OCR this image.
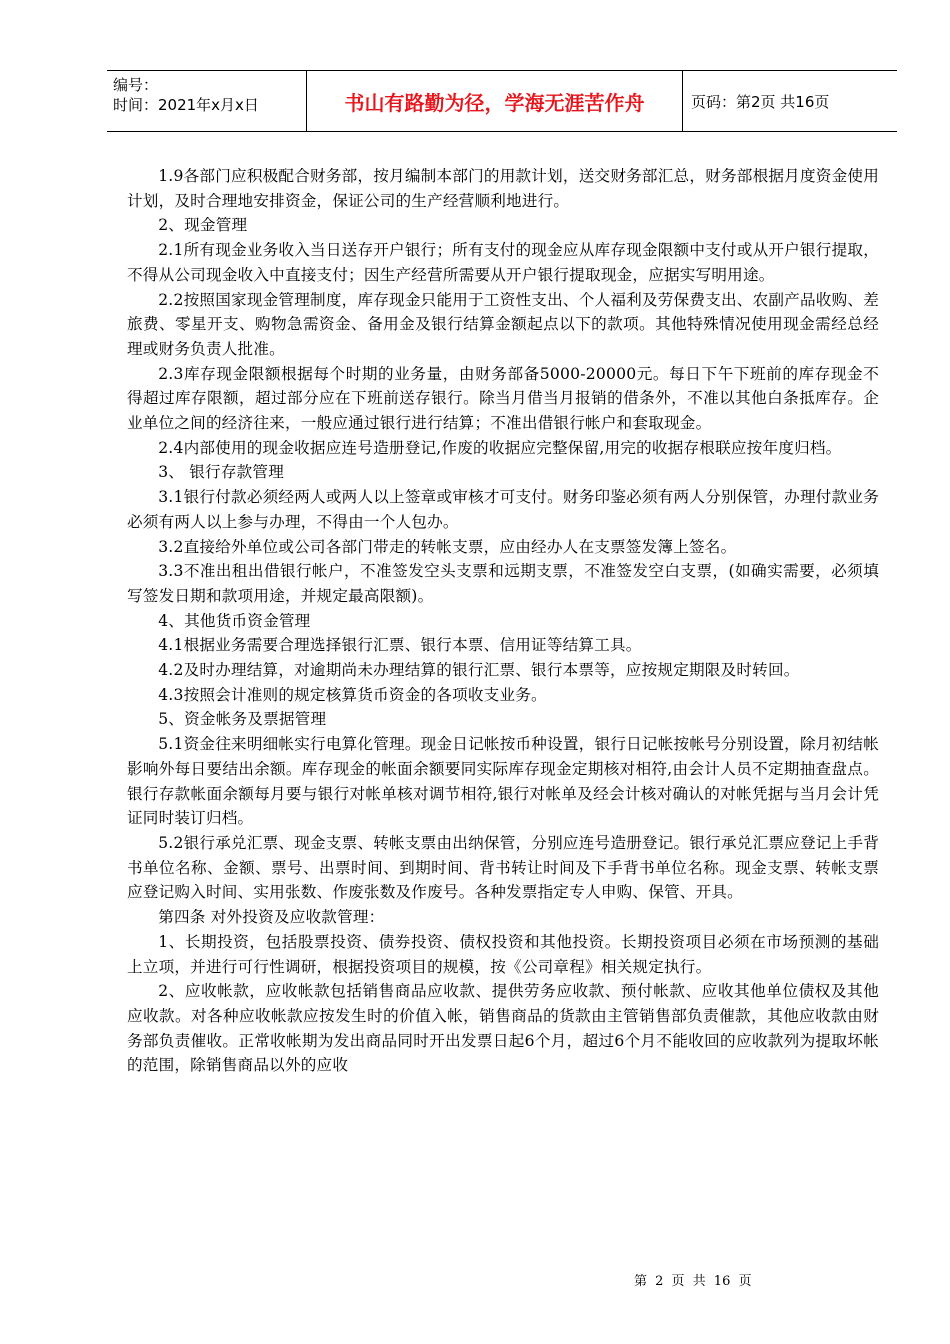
编号：
时间：2021年x月x日	书山有路勤为径，学海无涯苦作舟	页码：第2页 共16页

1.9各部门应积极配合财务部，按月编制本部门的用款计划，送交财务部汇总，财务部根据月度资金使用计划，及时合理地安排资金，保证公司的生产经营顺利地进行。

2、现金管理

2.1所有现金业务收入当日送存开户银行；所有支付的现金应从库存现金限额中支付或从开户银行提取，不得从公司现金收入中直接支付；因生产经营所需要从开户银行提取现金，应据实写明用途。

2.2按照国家现金管理制度，库存现金只能用于工资性支出、个人福利及劳保费支出、农副产品收购、差旅费、零星开支、购物急需资金、备用金及银行结算金额起点以下的款项。其他特殊情况使用现金需经总经理或财务负责人批准。

2.3库存现金限额根据每个时期的业务量，由财务部备5000-20000元。每日下午下班前的库存现金不得超过库存限额，超过部分应在下班前送存银行。除当月借当月报销的借条外，不准以其他白条抵库存。企业单位之间的经济往来，一般应通过银行进行结算；不准出借银行帐户和套取现金。

2.4内部使用的现金收据应连号造册登记,作废的收据应完整保留,用完的收据存根联应按年度归档。

3、 银行存款管理

3.1银行付款必须经两人或两人以上签章或审核才可支付。财务印鉴必须有两人分别保管，办理付款业务必须有两人以上参与办理，不得由一个人包办。

3.2直接给外单位或公司各部门带走的转帐支票，应由经办人在支票签发簿上签名。

3.3不准出租出借银行帐户，不准签发空头支票和远期支票，不准签发空白支票，(如确实需要，必须填写签发日期和款项用途，并规定最高限额)。

4、其他货币资金管理

4.1根据业务需要合理选择银行汇票、银行本票、信用证等结算工具。

4.2及时办理结算，对逾期尚未办理结算的银行汇票、银行本票等，应按规定期限及时转回。

4.3按照会计准则的规定核算货币资金的各项收支业务。

5、资金帐务及票据管理

5.1资金往来明细帐实行电算化管理。现金日记帐按币种设置，银行日记帐按帐号分别设置，除月初结帐影响外每日要结出余额。库存现金的帐面余额要同实际库存现金定期核对相符,由会计人员不定期抽查盘点。银行存款帐面余额每月要与银行对帐单核对调节相符,银行对帐单及经会计核对确认的对帐凭据与当月会计凭证同时装订归档。

5.2银行承兑汇票、现金支票、转帐支票由出纳保管，分别应连号造册登记。银行承兑汇票应登记上手背书单位名称、金额、票号、出票时间、到期时间、背书转让时间及下手背书单位名称。现金支票、转帐支票应登记购入时间、实用张数、作废张数及作废号。各种发票指定专人申购、保管、开具。

第四条 对外投资及应收款管理：

1、长期投资，包括股票投资、债券投资、债权投资和其他投资。长期投资项目必须在市场预测的基础上立项，并进行可行性调研，根据投资项目的规模，按《公司章程》相关规定执行。

2、应收帐款，应收帐款包括销售商品应收款、提供劳务应收款、预付帐款、应收其他单位债权及其他应收款。对各种应收帐款应按发生时的价值入帐，销售商品的货款由主管销售部负责催款，其他应收款由财务部负责催收。正常收帐期为发出商品同时开出发票日起6个月，超过6个月不能收回的应收款列为提取坏帐的范围，除销售商品以外的应收

第 2 页 共 16 页
